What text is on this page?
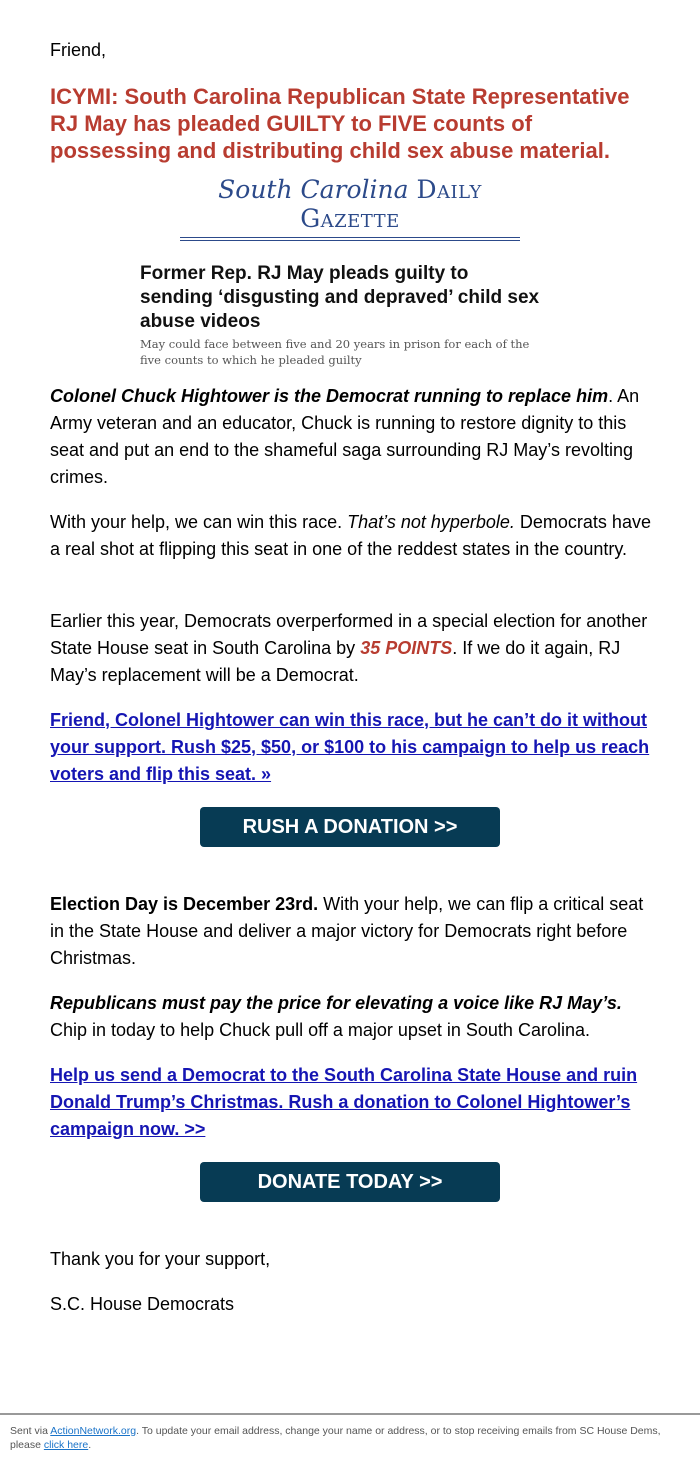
Friend,

ICYMI: South Carolina Republican State Representative RJ May has pleaded GUILTY to FIVE counts of possessing and distributing child sex abuse material.
South Carolina Daily Gazette
Former Rep. RJ May pleads guilty to sending ‘disgusting and depraved’ child sex abuse videos
May could face between five and 20 years in prison for each of the five counts to which he pleaded guilty

Colonel Chuck Hightower is the Democrat running to replace him. An Army veteran and an educator, Chuck is running to restore dignity to this seat and put an end to the shameful saga surrounding RJ May’s revolting crimes.

With your help, we can win this race. That’s not hyperbole. Democrats have a real shot at flipping this seat in one of the reddest states in the country.

Earlier this year, Democrats overperformed in a special election for another State House seat in South Carolina by 35 POINTS. If we do it again, RJ May’s replacement will be a Democrat.

Friend, Colonel Hightower can win this race, but he can’t do it without your support. Rush $25, $50, or $100 to his campaign to help us reach voters and flip this seat. »

Election Day is December 23rd. With your help, we can flip a critical seat in the State House and deliver a major victory for Democrats right before Christmas.

Republicans must pay the price for elevating a voice like RJ May’s. Chip in today to help Chuck pull off a major upset in South Carolina.

Help us send a Democrat to the South Carolina State House and ruin Donald Trump’s Christmas. Rush a donation to Colonel Hightower’s campaign now. >>

Thank you for your support,

S.C. House Democrats

RUSH A DONATION >>
DONATE TODAY >>
Sent via ActionNetwork.org. To update your email address, change your name or address, or to stop receiving emails from SC House Dems, please click here.
